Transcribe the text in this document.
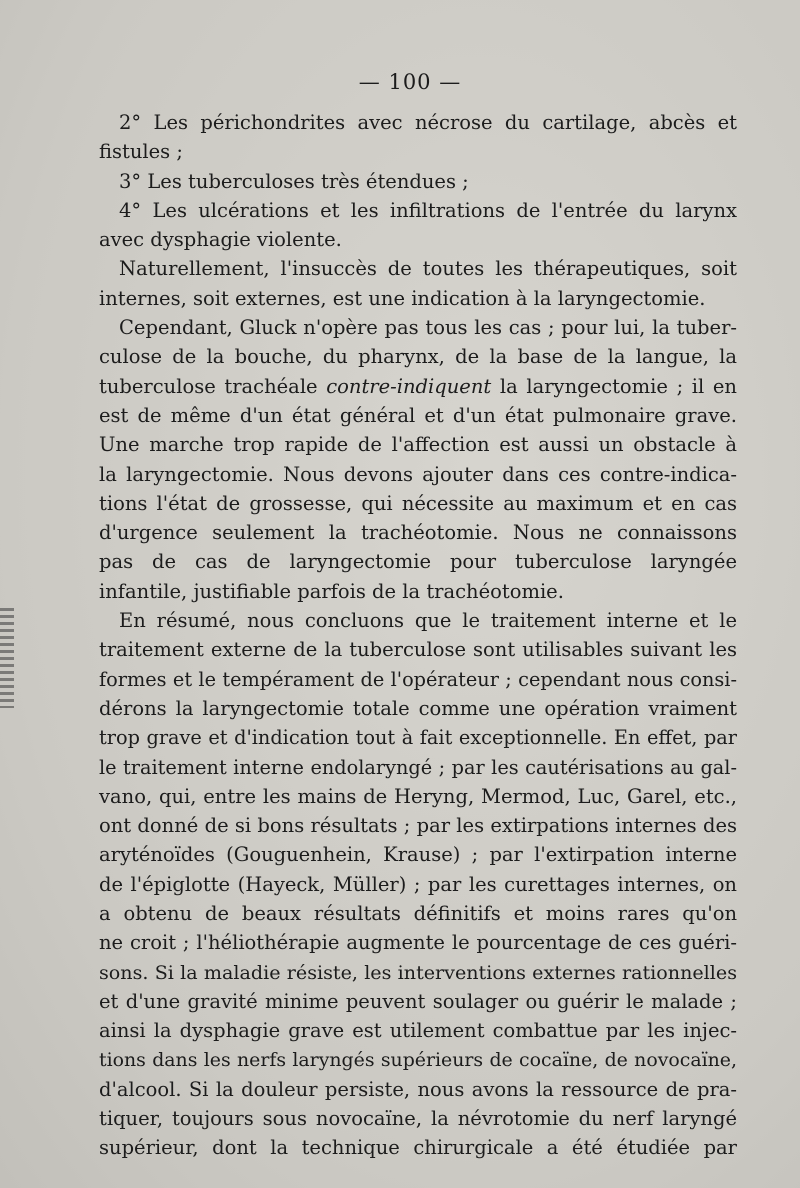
— 100 —
2° Les périchondrites avec nécrose du cartilage, abcès et
fistules ;
3° Les tuberculoses très étendues ;
4° Les ulcérations et les infiltrations de l'entrée du larynx
avec dysphagie violente.
Naturellement, l'insuccès de toutes les thérapeutiques, soit
internes, soit externes, est une indication à la laryngectomie.
Cependant, Gluck n'opère pas tous les cas ; pour lui, la tuber-
culose de la bouche, du pharynx, de la base de la langue, la
tuberculose trachéale contre-indiquent la laryngectomie ; il en
est de même d'un état général et d'un état pulmonaire grave.
Une marche trop rapide de l'affection est aussi un obstacle à
la laryngectomie. Nous devons ajouter dans ces contre-indica-
tions l'état de grossesse, qui nécessite au maximum et en cas
d'urgence seulement la trachéotomie. Nous ne connaissons
pas de cas de laryngectomie pour tuberculose laryngée
infantile, justifiable parfois de la trachéotomie.
En résumé, nous concluons que le traitement interne et le
traitement externe de la tuberculose sont utilisables suivant les
formes et le tempérament de l'opérateur ; cependant nous consi-
dérons la laryngectomie totale comme une opération vraiment
trop grave et d'indication tout à fait exceptionnelle. En effet, par
le traitement interne endolaryngé ; par les cautérisations au gal-
vano, qui, entre les mains de Heryng, Mermod, Luc, Garel, etc.,
ont donné de si bons résultats ; par les extirpations internes des
aryténoïdes (Gouguenhein, Krause) ; par l'extirpation interne
de l'épiglotte (Hayeck, Müller) ; par les curettages internes, on
a obtenu de beaux résultats définitifs et moins rares qu'on
ne croit ; l'héliothérapie augmente le pourcentage de ces guéri-
sons. Si la maladie résiste, les interventions externes rationnelles
et d'une gravité minime peuvent soulager ou guérir le malade ;
ainsi la dysphagie grave est utilement combattue par les injec-
tions dans les nerfs laryngés supérieurs de cocaïne, de novocaïne,
d'alcool. Si la douleur persiste, nous avons la ressource de pra-
tiquer, toujours sous novocaïne, la névrotomie du nerf laryngé
supérieur, dont la technique chirurgicale a été étudiée par
